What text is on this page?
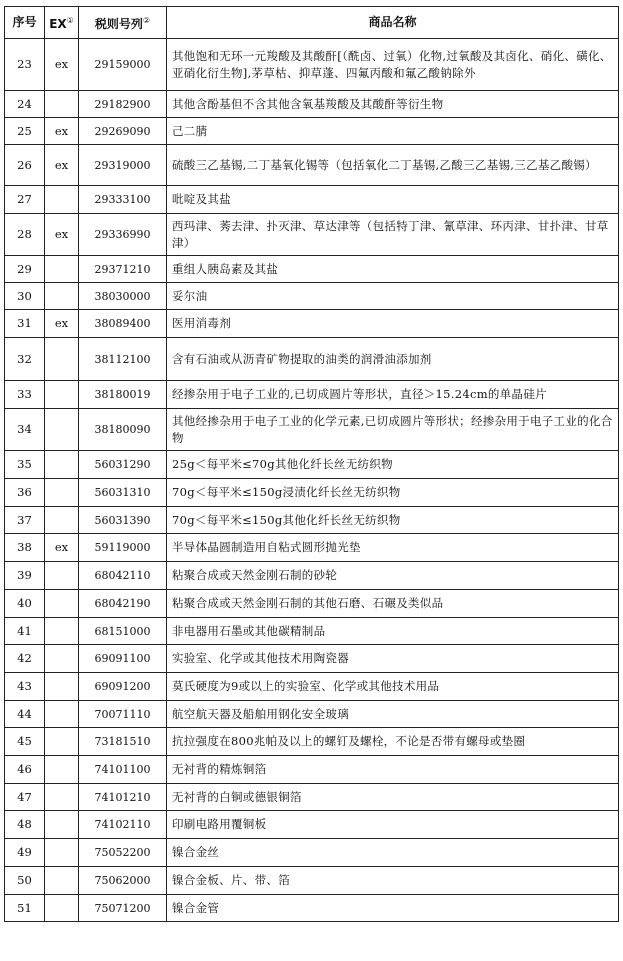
序号	EX①	税则号列②	商品名称
23	ex	29159000	其他饱和无环一元羧酸及其酸酐[（酰卤、过氧）化物,过氧酸及其卤化、硝化、磺化、亚硝化衍生物],茅草枯、抑草蓬、四氟丙酸和氟乙酸钠除外
24		29182900	其他含酚基但不含其他含氧基羧酸及其酸酐等衍生物
25	ex	29269090	己二腈
26	ex	29319000	硫酸三乙基锡,二丁基氧化锡等（包括氧化二丁基锡,乙酸三乙基锡,三乙基乙酸锡）
27		29333100	吡啶及其盐
28	ex	29336990	西玛津、莠去津、扑灭津、草达津等（包括特丁津、氰草津、环丙津、甘扑津、甘草津）
29		29371210	重组人胰岛素及其盐
30		38030000	妥尔油
31	ex	38089400	医用消毒剂
32		38112100	含有石油或从沥青矿物提取的油类的润滑油添加剂
33		38180019	经掺杂用于电子工业的,已切成圆片等形状，直径＞15.24cm的单晶硅片
34		38180090	其他经掺杂用于电子工业的化学元素,已切成圆片等形状；经掺杂用于电子工业的化合物
35		56031290	25g＜每平米≤70g其他化纤长丝无纺织物
36		56031310	70g＜每平米≤150g浸渍化纤长丝无纺织物
37		56031390	70g＜每平米≤150g其他化纤长丝无纺织物
38	ex	59119000	半导体晶圆制造用自粘式圆形抛光垫
39		68042110	粘聚合成或天然金刚石制的砂轮
40		68042190	粘聚合成或天然金刚石制的其他石磨、石碾及类似品
41		68151000	非电器用石墨或其他碳精制品
42		69091100	实验室、化学或其他技术用陶瓷器
43		69091200	莫氏硬度为9或以上的实验室、化学或其他技术用品
44		70071110	航空航天器及船舶用钢化安全玻璃
45		73181510	抗拉强度在800兆帕及以上的螺钉及螺栓，不论是否带有螺母或垫圈
46		74101100	无衬背的精炼铜箔
47		74101210	无衬背的白铜或德银铜箔
48		74102110	印刷电路用覆铜板
49		75052200	镍合金丝
50		75062000	镍合金板、片、带、箔
51		75071200	镍合金管
